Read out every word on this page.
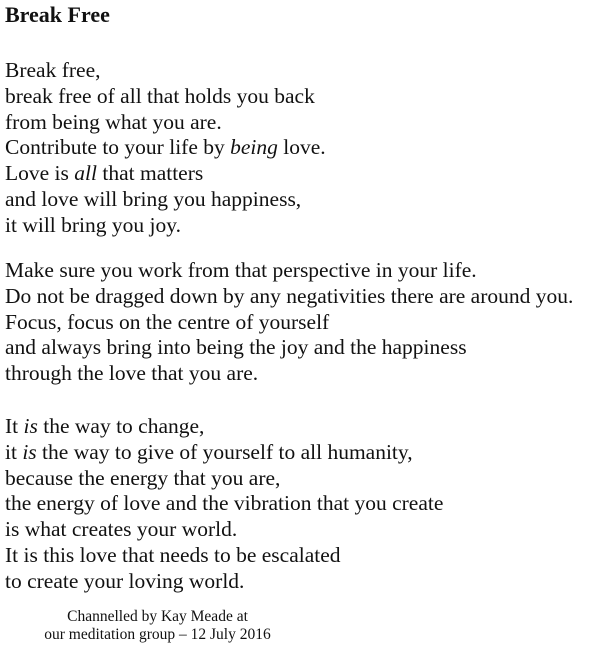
Break Free

Break free,
break free of all that holds you back
from being what you are.
Contribute to your life by being love.
Love is all that matters
and love will bring you happiness,
it will bring you joy.

Make sure you work from that perspective in your life.
Do not be dragged down by any negativities there are around you.
Focus, focus on the centre of yourself
and always bring into being the joy and the happiness
through the love that you are.

It is the way to change,
it is the way to give of yourself to all humanity,
because the energy that you are,
the energy of love and the vibration that you create
is what creates your world.
It is this love that needs to be escalated
to create your loving world.

Channelled by Kay Meade at
our meditation group – 12 July 2016
